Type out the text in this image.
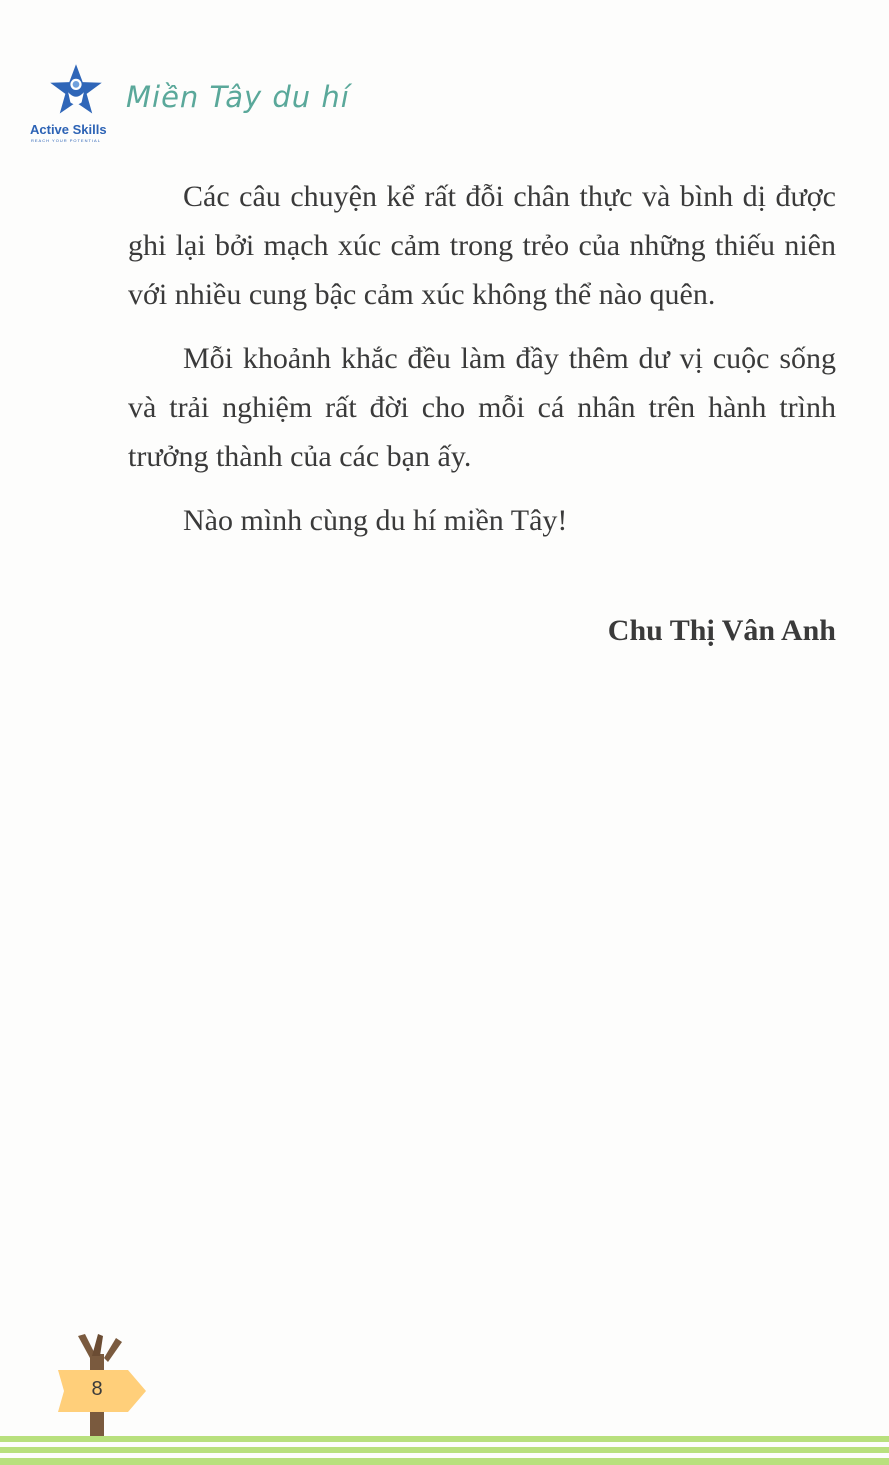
Active Skills
REACH YOUR POTENTIAL
Miền Tây du hí

Các câu chuyện kể rất đỗi chân thực và bình dị được ghi lại bởi mạch xúc cảm trong trẻo của những thiếu niên với nhiều cung bậc cảm xúc không thể nào quên.

Mỗi khoảnh khắc đều làm đầy thêm dư vị cuộc sống và trải nghiệm rất đời cho mỗi cá nhân trên hành trình trưởng thành của các bạn ấy.

Nào mình cùng du hí miền Tây!

Chu Thị Vân Anh
8
